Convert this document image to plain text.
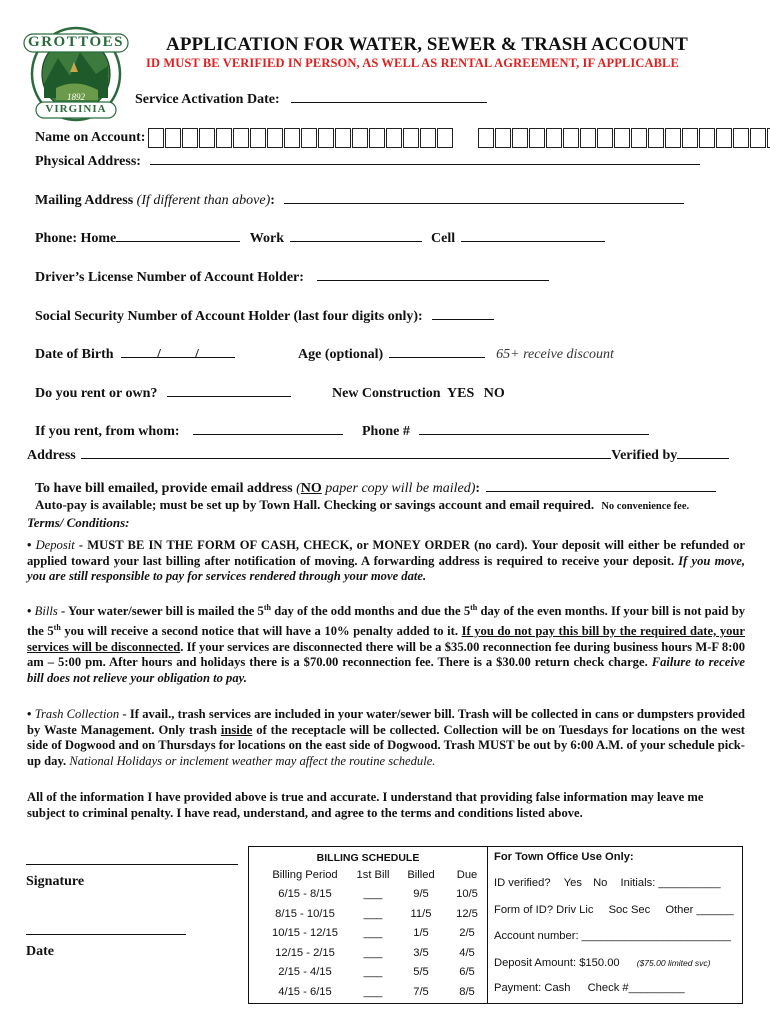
GROTTOES
1892
VIRGINIA
APPLICATION FOR WATER, SEWER & TRASH ACCOUNT
ID MUST BE VERIFIED IN PERSON, AS WELL AS RENTAL AGREEMENT, IF APPLICABLE
Service Activation Date:
Name on Account:
Physical Address:
Mailing Address (If different than above):
Phone: Home	Work	Cell
Driver’s License Number of Account Holder:
Social Security Number of Account Holder (last four digits only):
Date of Birth	/ /	Age (optional)	65+ receive discount
Do you rent or own?	New Construction YES NO
If you rent, from whom:	Phone #
Address	Verified by
To have bill emailed, provide email address (NO paper copy will be mailed):
Auto-pay is available; must be set up by Town Hall. Checking or savings account and email required. No convenience fee.
Terms/ Conditions:

• Deposit - MUST BE IN THE FORM OF CASH, CHECK, or MONEY ORDER (no card). Your deposit will either be refunded or applied toward your last billing after notification of moving. A forwarding address is required to receive your deposit. If you move, you are still responsible to pay for services rendered through your move date.

• Bills - Your water/sewer bill is mailed the 5th day of the odd months and due the 5th day of the even months. If your bill is not paid by the 5th you will receive a second notice that will have a 10% penalty added to it. If you do not pay this bill by the required date, your services will be disconnected. If your services are disconnected there will be a $35.00 reconnection fee during business hours M-F 8:00 am – 5:00 pm. After hours and holidays there is a $70.00 reconnection fee. There is a $30.00 return check charge. Failure to receive bill does not relieve your obligation to pay.

• Trash Collection - If avail., trash services are included in your water/sewer bill. Trash will be collected in cans or dumpsters provided by Waste Management. Only trash inside of the receptacle will be collected. Collection will be on Tuesdays for locations on the west side of Dogwood and on Thursdays for locations on the east side of Dogwood. Trash MUST be out by 6:00 A.M. of your schedule pick-up day. National Holidays or inclement weather may affect the routine schedule.

All of the information I have provided above is true and accurate. I understand that providing false information may leave me subject to criminal penalty. I have read, understand, and agree to the terms and conditions listed above.
Signature
Date
BILLING SCHEDULE
Billing Period	1st Bill	Billed	Due
6/15 - 8/15	___	9/5	10/5
8/15 - 10/15	___	11/5	12/5
10/15 - 12/15	___	1/5	2/5
12/15 - 2/15	___	3/5	4/5
2/15 - 4/15	___	5/5	6/5
4/15 - 6/15	___	7/5	8/5
For Town Office Use Only:
ID verified? Yes No Initials: __________
Form of ID? Driv Lic Soc Sec Other ______
Account number: ________________________
Deposit Amount: $150.00 ($75.00 limited svc)
Payment: Cash Check #_________
